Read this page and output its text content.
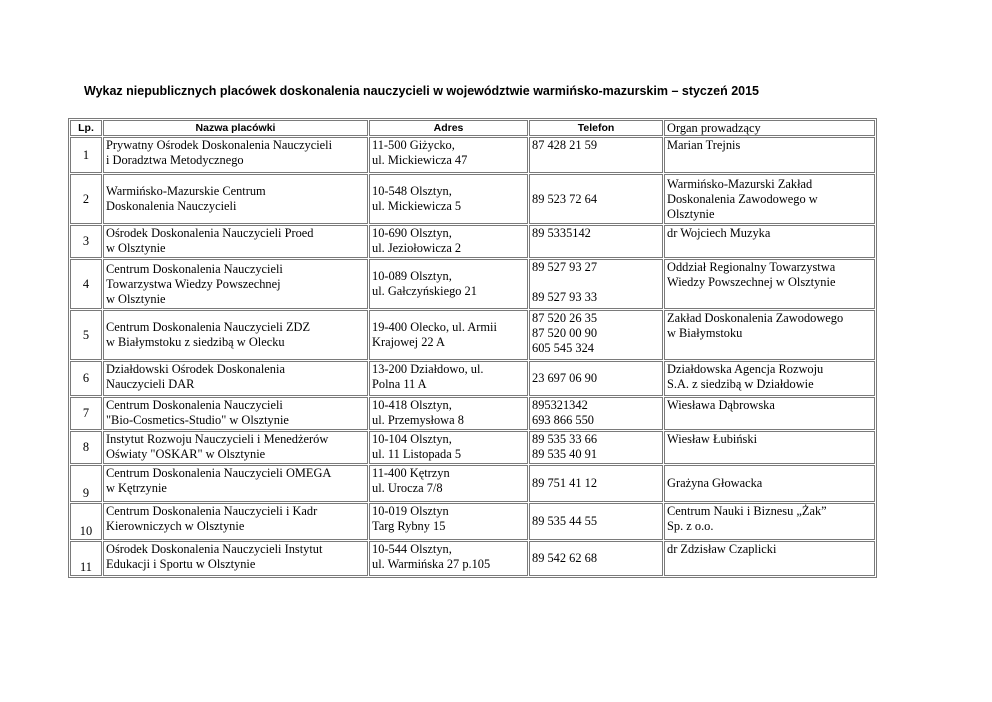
Wykaz niepublicznych placówek doskonalenia nauczycieli w województwie warmińsko-mazurskim – styczeń 2015
Lp.	Nazwa placówki	Adres	Telefon	Organ prowadzący
1	Prywatny Ośrodek Doskonalenia Nauczycieli
i Doradztwa Metodycznego	11-500 Giżycko,
ul. Mickiewicza 47	87 428 21 59	Marian Trejnis

2	Warmińsko-Mazurskie Centrum
Doskonalenia Nauczycieli	10-548 Olsztyn,
ul. Mickiewicza 5	89 523 72 64	Warmińsko-Mazurski Zakład
Doskonalenia Zawodowego w
Olsztynie

3	Ośrodek Doskonalenia Nauczycieli Proed
w Olsztynie	10-690 Olsztyn,
ul. Jeziołowicza 2	89 5335142	dr Wojciech Muzyka

4	Centrum Doskonalenia Nauczycieli
Towarzystwa Wiedzy Powszechnej
w Olsztynie	10-089 Olsztyn,
ul. Gałczyńskiego 21	89 527 93 27
89 527 93 33	Oddział Regionalny Towarzystwa
Wiedzy Powszechnej w Olsztynie

5	Centrum Doskonalenia Nauczycieli ZDZ
w Białymstoku z siedzibą w Olecku	19-400 Olecko, ul. Armii
Krajowej 22 A	87 520 26 35
87 520 00 90
605 545 324	Zakład Doskonalenia Zawodowego
w Białymstoku

6	Działdowski Ośrodek Doskonalenia
Nauczycieli DAR	13-200 Działdowo, ul.
Polna 11 A	23 697 06 90	Działdowska Agencja Rozwoju
S.A. z siedzibą w Działdowie

7	Centrum Doskonalenia Nauczycieli
"Bio-Cosmetics-Studio" w Olsztynie	10-418 Olsztyn,
ul. Przemysłowa 8	895321342
693 866 550	Wiesława Dąbrowska

8	Instytut Rozwoju Nauczycieli i Menedżerów
Oświaty "OSKAR" w Olsztynie	10-104 Olsztyn,
ul. 11 Listopada 5	89 535 33 66
89 535 40 91	Wiesław Łubiński

9	Centrum Doskonalenia Nauczycieli OMEGA
w Kętrzynie	11-400 Kętrzyn
ul. Urocza 7/8	89 751 41 12	Grażyna Głowacka

10	Centrum Doskonalenia Nauczycieli i Kadr
Kierowniczych w Olsztynie	10-019 Olsztyn
Targ Rybny 15	89 535 44 55	Centrum Nauki i Biznesu „Żak”
Sp. z o.o.

11	Ośrodek Doskonalenia Nauczycieli Instytut
Edukacji i Sportu w Olsztynie	10-544 Olsztyn,
ul. Warmińska 27 p.105	89 542 62 68	dr Zdzisław Czaplicki
